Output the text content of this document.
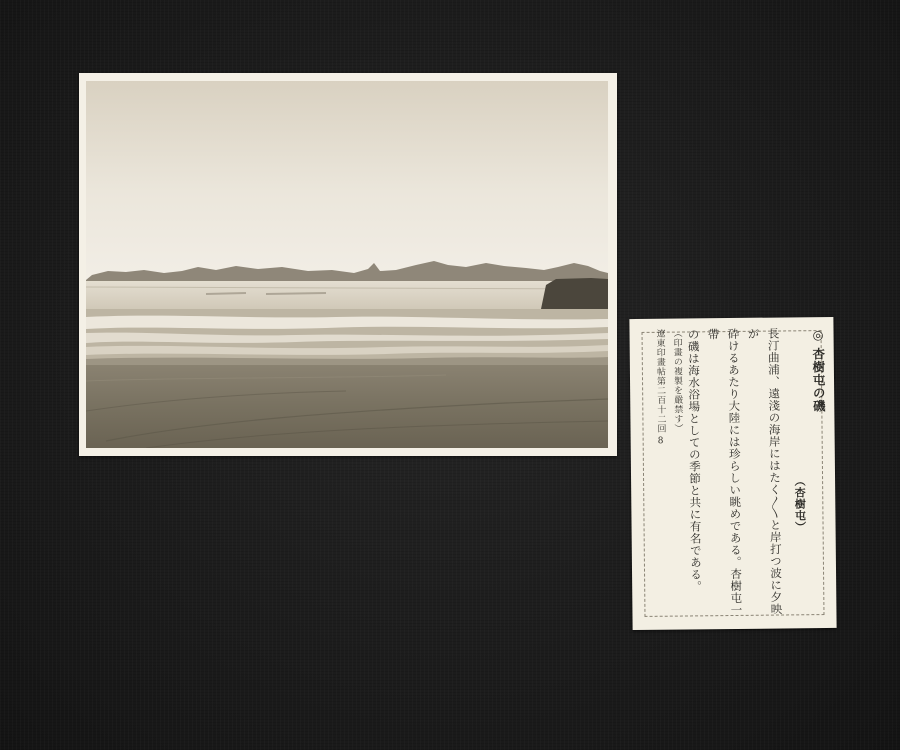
◎ 杏樹屯の磯
（杏樹屯）

長汀曲浦、遠淺の海岸にはたく〳〵と岸打つ波に夕映が

砕けるあたり大陸には珍らしい眺めである。杏樹屯一帶

の磯は海水浴場としての季節と共に有名である。

（印畫の複製を嚴禁す）

遼東印畫帖第二百十二回 8
